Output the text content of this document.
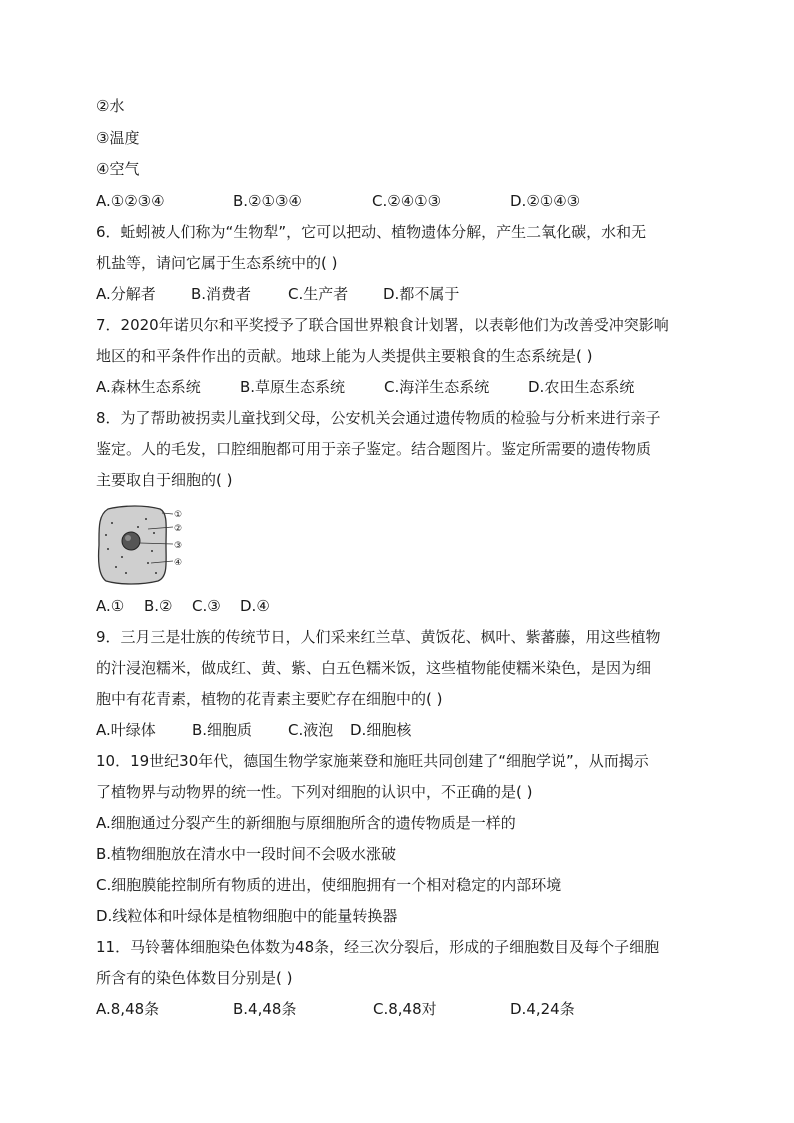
②水
③温度
④空气
A.①②③④	B.②①③④	C.②④①③	D.②①④③
6．蚯蚓被人们称为“生物犁”，它可以把动、植物遗体分解，产生二氧化碳，水和无
机盐等，请问它属于生态系统中的( )
A.分解者 B.消费者 C.生产者 D.都不属于
7．2020年诺贝尔和平奖授予了联合国世界粮食计划署，以表彰他们为改善受冲突影响
地区的和平条件作出的贡献。地球上能为人类提供主要粮食的生态系统是( )
A.森林生态系统	B.草原生态系统	C.海洋生态系统	D.农田生态系统
8．为了帮助被拐卖儿童找到父母，公安机关会通过遗传物质的检验与分析来进行亲子
鉴定。人的毛发，口腔细胞都可用于亲子鉴定。结合题图片。鉴定所需要的遗传物质
主要取自于细胞的( )
①
②
③
④
A.① B.② C.③ D.④
9．三月三是壮族的传统节日，人们采来红兰草、黄饭花、枫叶、紫蕃藤，用这些植物
的汁浸泡糯米，做成红、黄、紫、白五色糯米饭，这些植物能使糯米染色，是因为细
胞中有花青素，植物的花青素主要贮存在细胞中的( )
A.叶绿体 B.细胞质 C.液泡 D.细胞核
10．19世纪30年代，德国生物学家施莱登和施旺共同创建了“细胞学说”，从而揭示
了植物界与动物界的统一性。下列对细胞的认识中，不正确的是( )
A.细胞通过分裂产生的新细胞与原细胞所含的遗传物质是一样的
B.植物细胞放在清水中一段时间不会吸水涨破
C.细胞膜能控制所有物质的进出，使细胞拥有一个相对稳定的内部环境
D.线粒体和叶绿体是植物细胞中的能量转换器
11．马铃薯体细胞染色体数为48条，经三次分裂后，形成的子细胞数目及每个子细胞
所含有的染色体数目分别是( )
A.8,48条	B.4,48条	C.8,48对	D.4,24条
